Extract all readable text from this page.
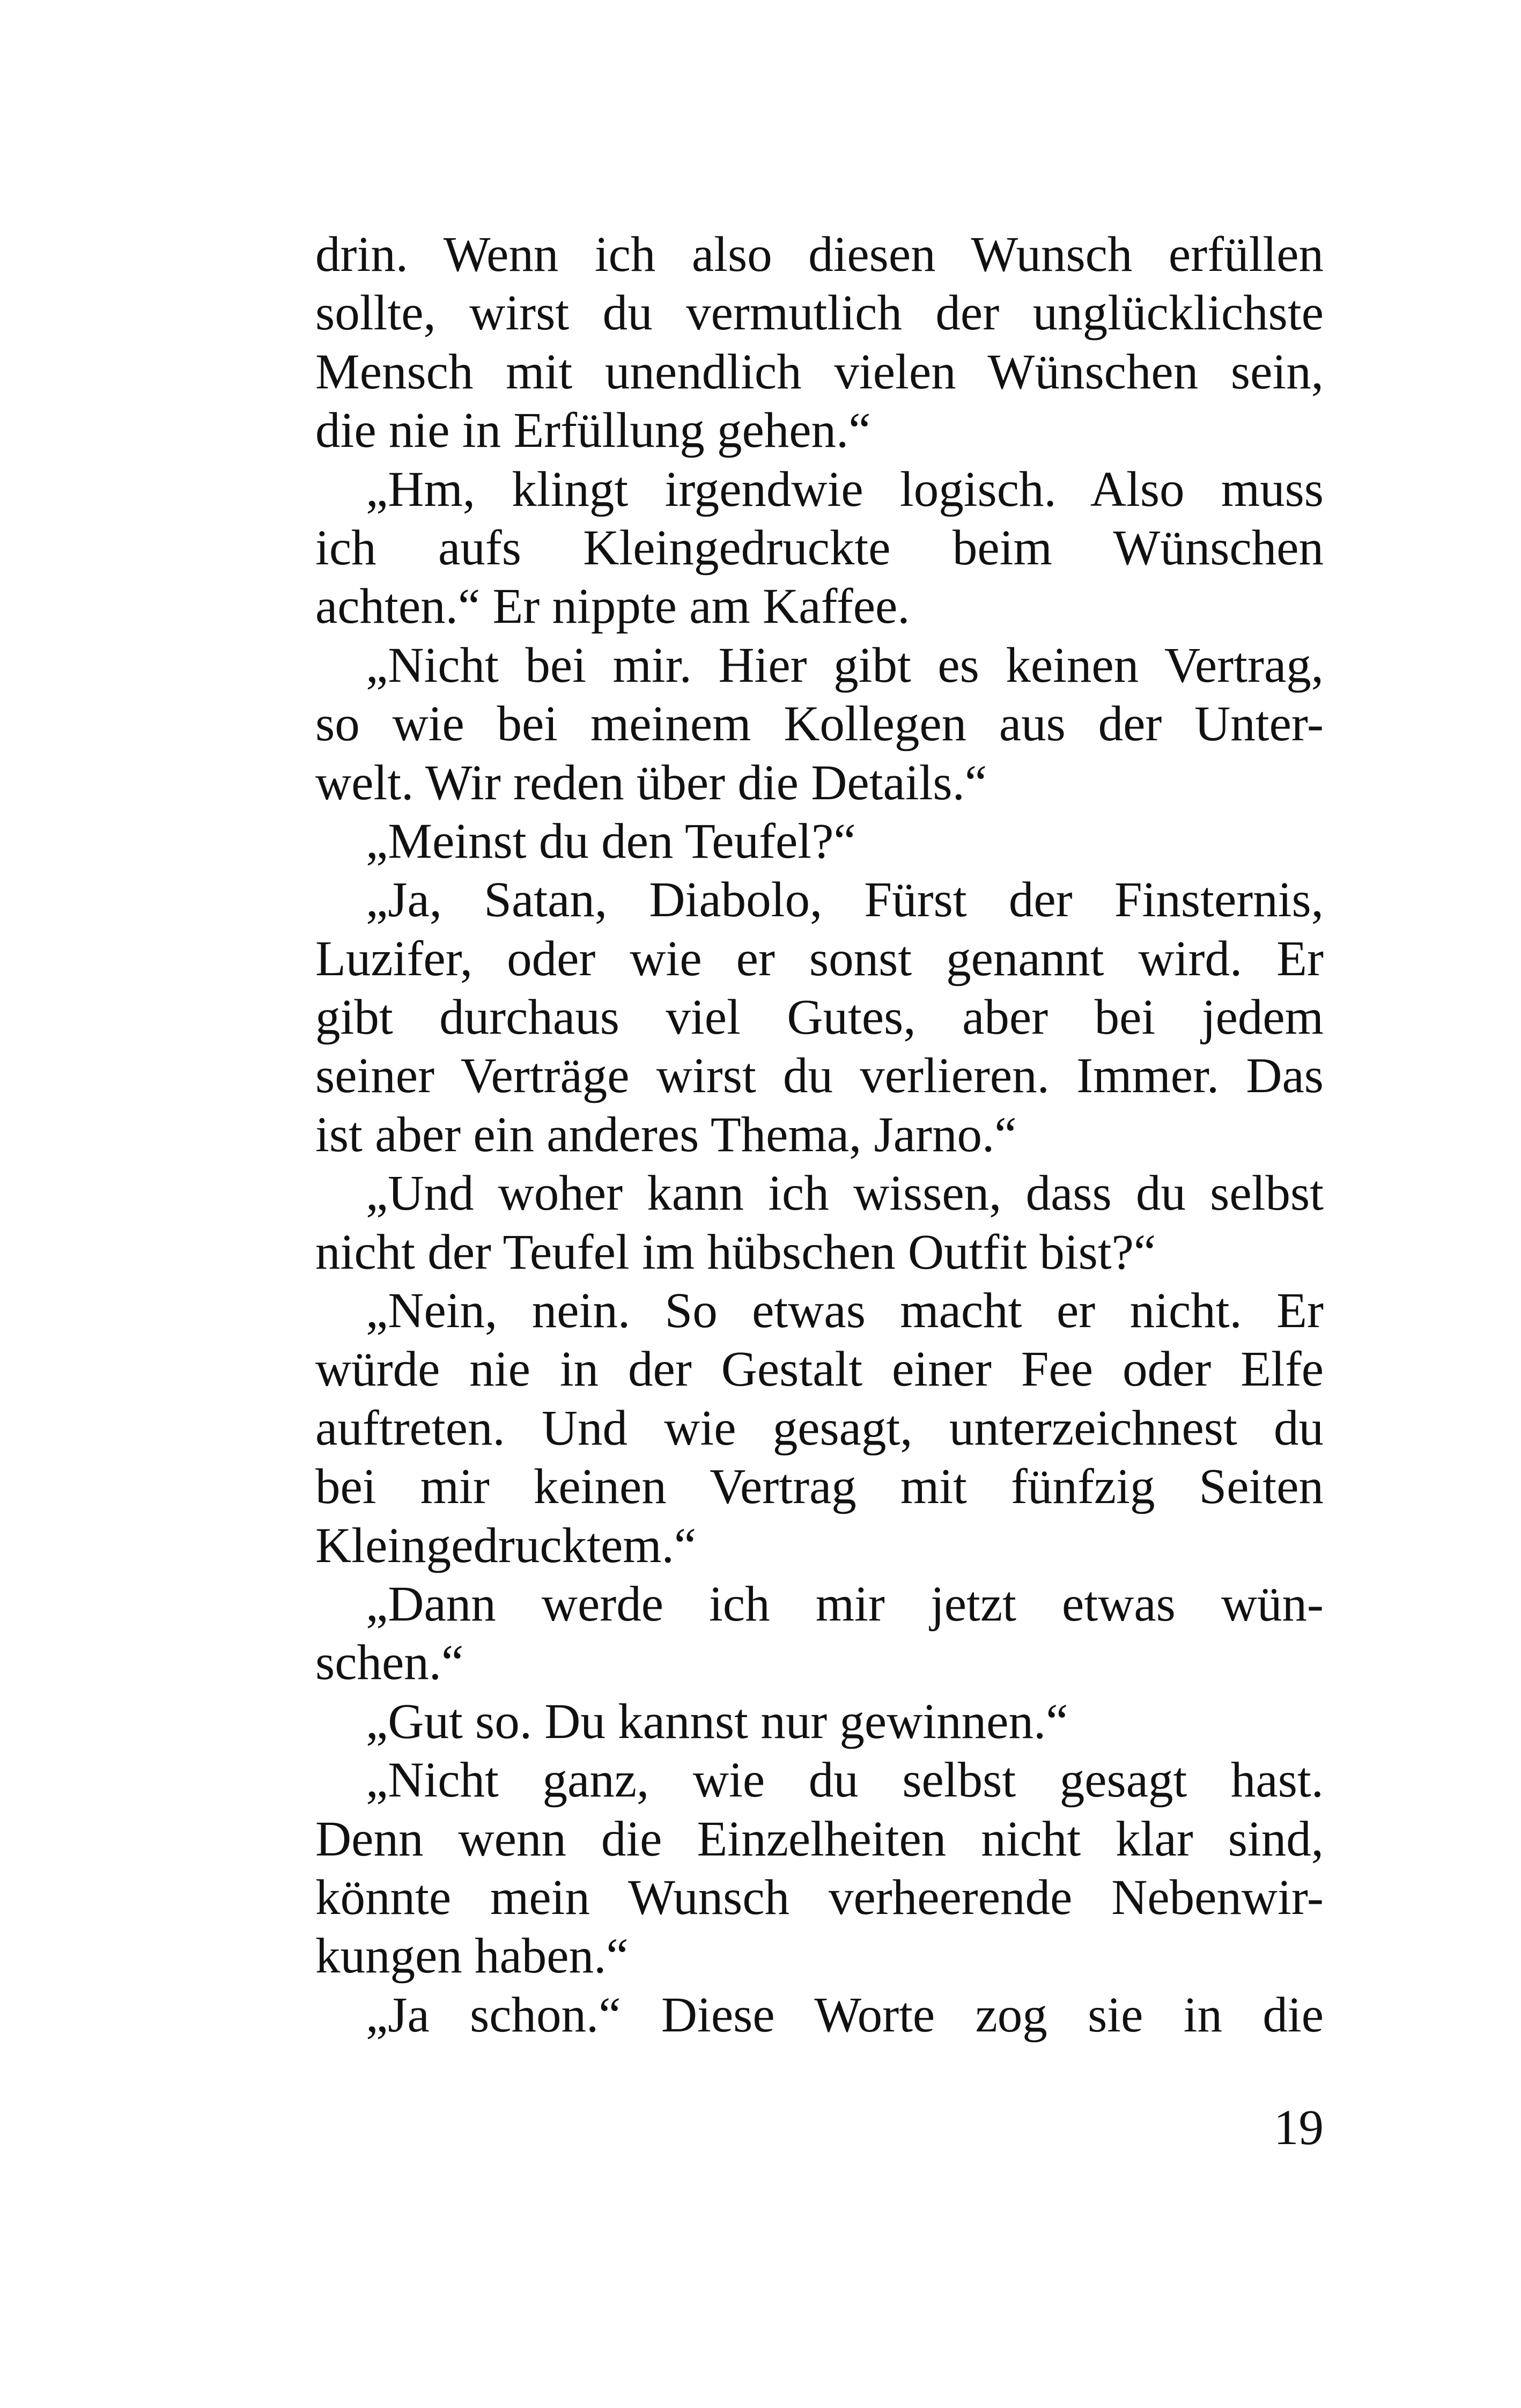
drin. Wenn ich also diesen Wunsch erfüllen
sollte, wirst du vermutlich der unglücklichste
Mensch mit unendlich vielen Wünschen sein,
die nie in Erfüllung gehen.“
„Hm, klingt irgendwie logisch. Also muss
ich aufs Kleingedruckte beim Wünschen
achten.“ Er nippte am Kaffee.
„Nicht bei mir. Hier gibt es keinen Vertrag,
so wie bei meinem Kollegen aus der Unter-
welt. Wir reden über die Details.“
„Meinst du den Teufel?“
„Ja, Satan, Diabolo, Fürst der Finsternis,
Luzifer, oder wie er sonst genannt wird. Er
gibt durchaus viel Gutes, aber bei jedem
seiner Verträge wirst du verlieren. Immer. Das
ist aber ein anderes Thema, Jarno.“
„Und woher kann ich wissen, dass du selbst
nicht der Teufel im hübschen Outfit bist?“
„Nein, nein. So etwas macht er nicht. Er
würde nie in der Gestalt einer Fee oder Elfe
auftreten. Und wie gesagt, unterzeichnest du
bei mir keinen Vertrag mit fünfzig Seiten
Kleingedrucktem.“
„Dann werde ich mir jetzt etwas wün-
schen.“
„Gut so. Du kannst nur gewinnen.“
„Nicht ganz, wie du selbst gesagt hast.
Denn wenn die Einzelheiten nicht klar sind,
könnte mein Wunsch verheerende Nebenwir-
kungen haben.“
„Ja schon.“ Diese Worte zog sie in die
19
